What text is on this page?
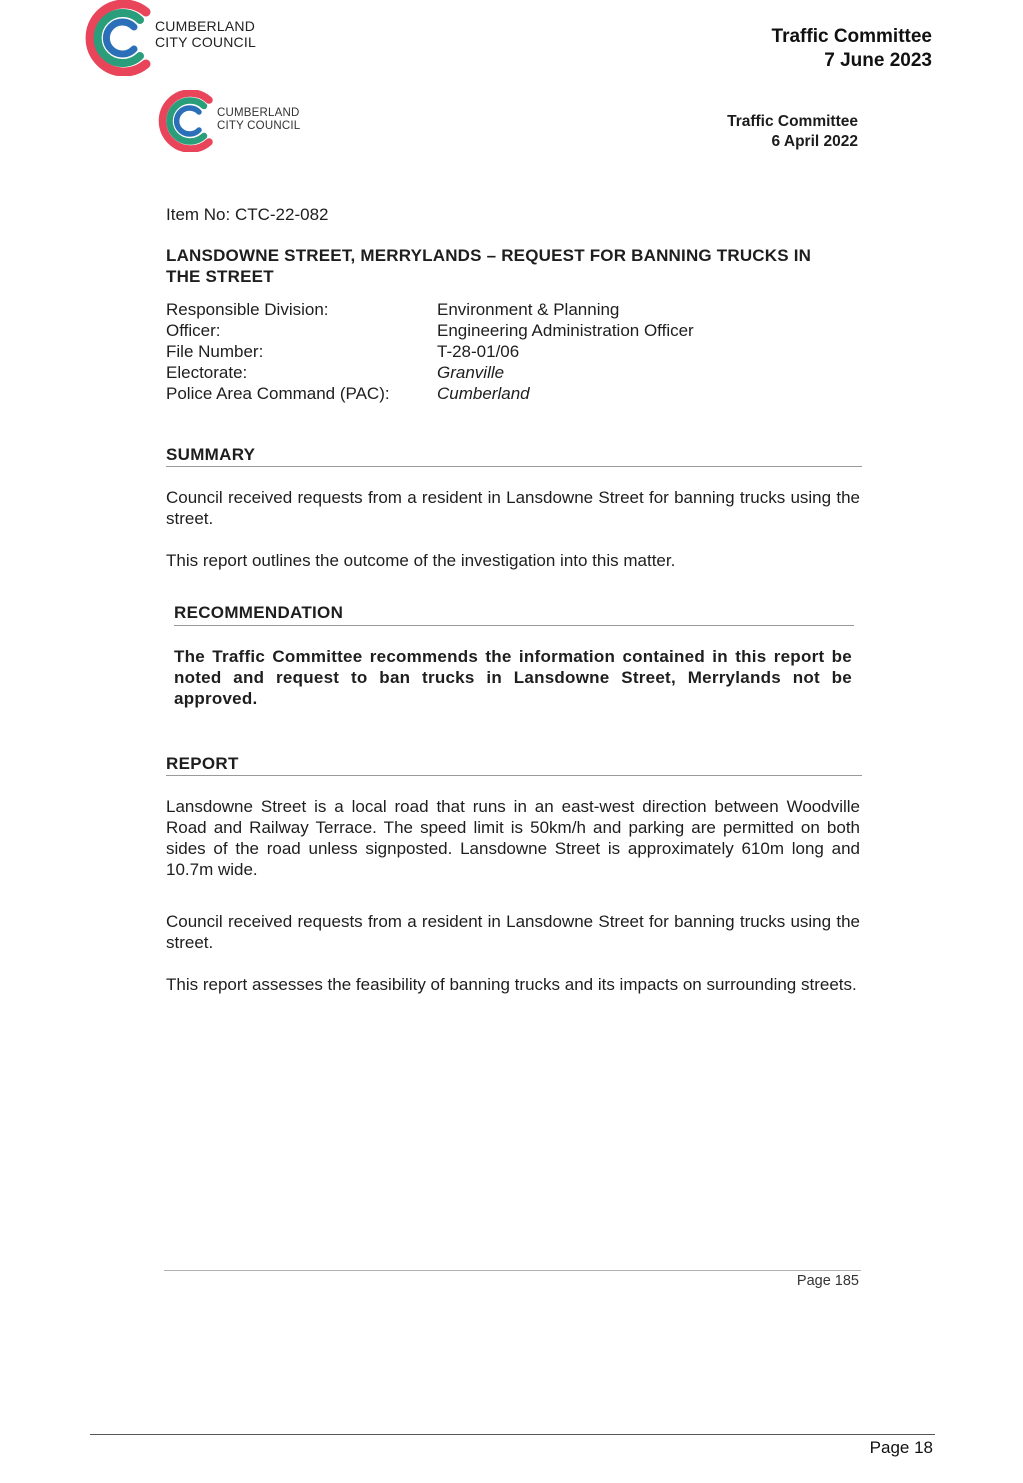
CUMBERLAND
CITY COUNCIL	Traffic Committee
7 June 2023
CUMBERLAND
CITY COUNCIL	Traffic Committee
6 April 2022
Item No: CTC-22-082
LANSDOWNE STREET, MERRYLANDS – REQUEST FOR BANNING TRUCKS IN
THE STREET
Responsible Division:	Environment & Planning
Officer:	Engineering Administration Officer
File Number:	T-28-01/06
Electorate:	Granville
Police Area Command (PAC):	Cumberland
SUMMARY
Council received requests from a resident in Lansdowne Street for banning trucks using the street.
This report outlines the outcome of the investigation into this matter.
RECOMMENDATION
The Traffic Committee recommends the information contained in this report be noted and request to ban trucks in Lansdowne Street, Merrylands not be approved.
REPORT
Lansdowne Street is a local road that runs in an east-west direction between Woodville Road and Railway Terrace. The speed limit is 50km/h and parking are permitted on both sides of the road unless signposted. Lansdowne Street is approximately 610m long and 10.7m wide.
Council received requests from a resident in Lansdowne Street for banning trucks using the street.
This report assesses the feasibility of banning trucks and its impacts on surrounding streets.
Page 185
Page 18
